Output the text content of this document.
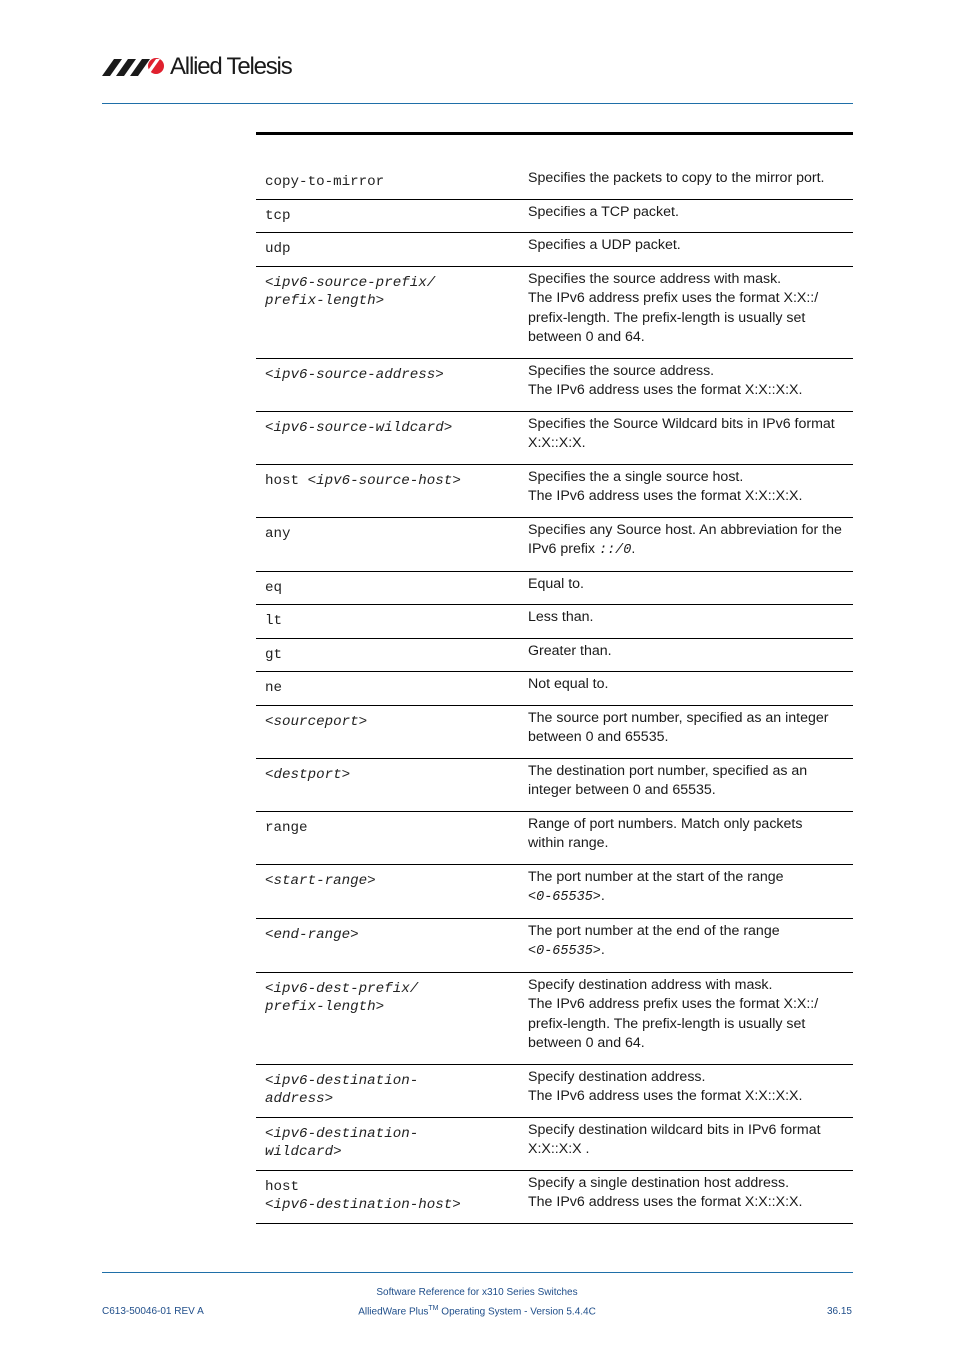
Allied Telesis
copy-to-mirror	Specifies the packets to copy to the mirror port.
tcp	Specifies a TCP packet.
udp	Specifies a UDP packet.
<ipv6-source-prefix/
prefix-length>	Specifies the source address with mask.
The IPv6 address prefix uses the format X:X::/
prefix-length. The prefix-length is usually set
between 0 and 64.
<ipv6-source-address>	Specifies the source address.
The IPv6 address uses the format X:X::X:X.
<ipv6-source-wildcard>	Specifies the Source Wildcard bits in IPv6 format
X:X::X:X.
host <ipv6-source-host>	Specifies the a single source host.
The IPv6 address uses the format X:X::X:X.
any	Specifies any Source host. An abbreviation for the
IPv6 prefix ::/0.
eq	Equal to.
lt	Less than.
gt	Greater than.
ne	Not equal to.
<sourceport>	The source port number, specified as an integer
between 0 and 65535.
<destport>	The destination port number, specified as an
integer between 0 and 65535.
range	Range of port numbers. Match only packets
within range.
<start-range>	The port number at the start of the range
<0-65535>.
<end-range>	The port number at the end of the range
<0-65535>.
<ipv6-dest-prefix/
prefix-length>	Specify destination address with mask.
The IPv6 address prefix uses the format X:X::/
prefix-length. The prefix-length is usually set
between 0 and 64.
<ipv6-destination-
address>	Specify destination address.
The IPv6 address uses the format X:X::X:X.
<ipv6-destination-
wildcard>	Specify destination wildcard bits in IPv6 format
X:X::X:X .
host
<ipv6-destination-host>	Specify a single destination host address.
The IPv6 address uses the format X:X::X:X.
Software Reference for x310 Series Switches
AlliedWare Plus™ Operating System - Version 5.4.4C
C613-50046-01 REV A	36.15
